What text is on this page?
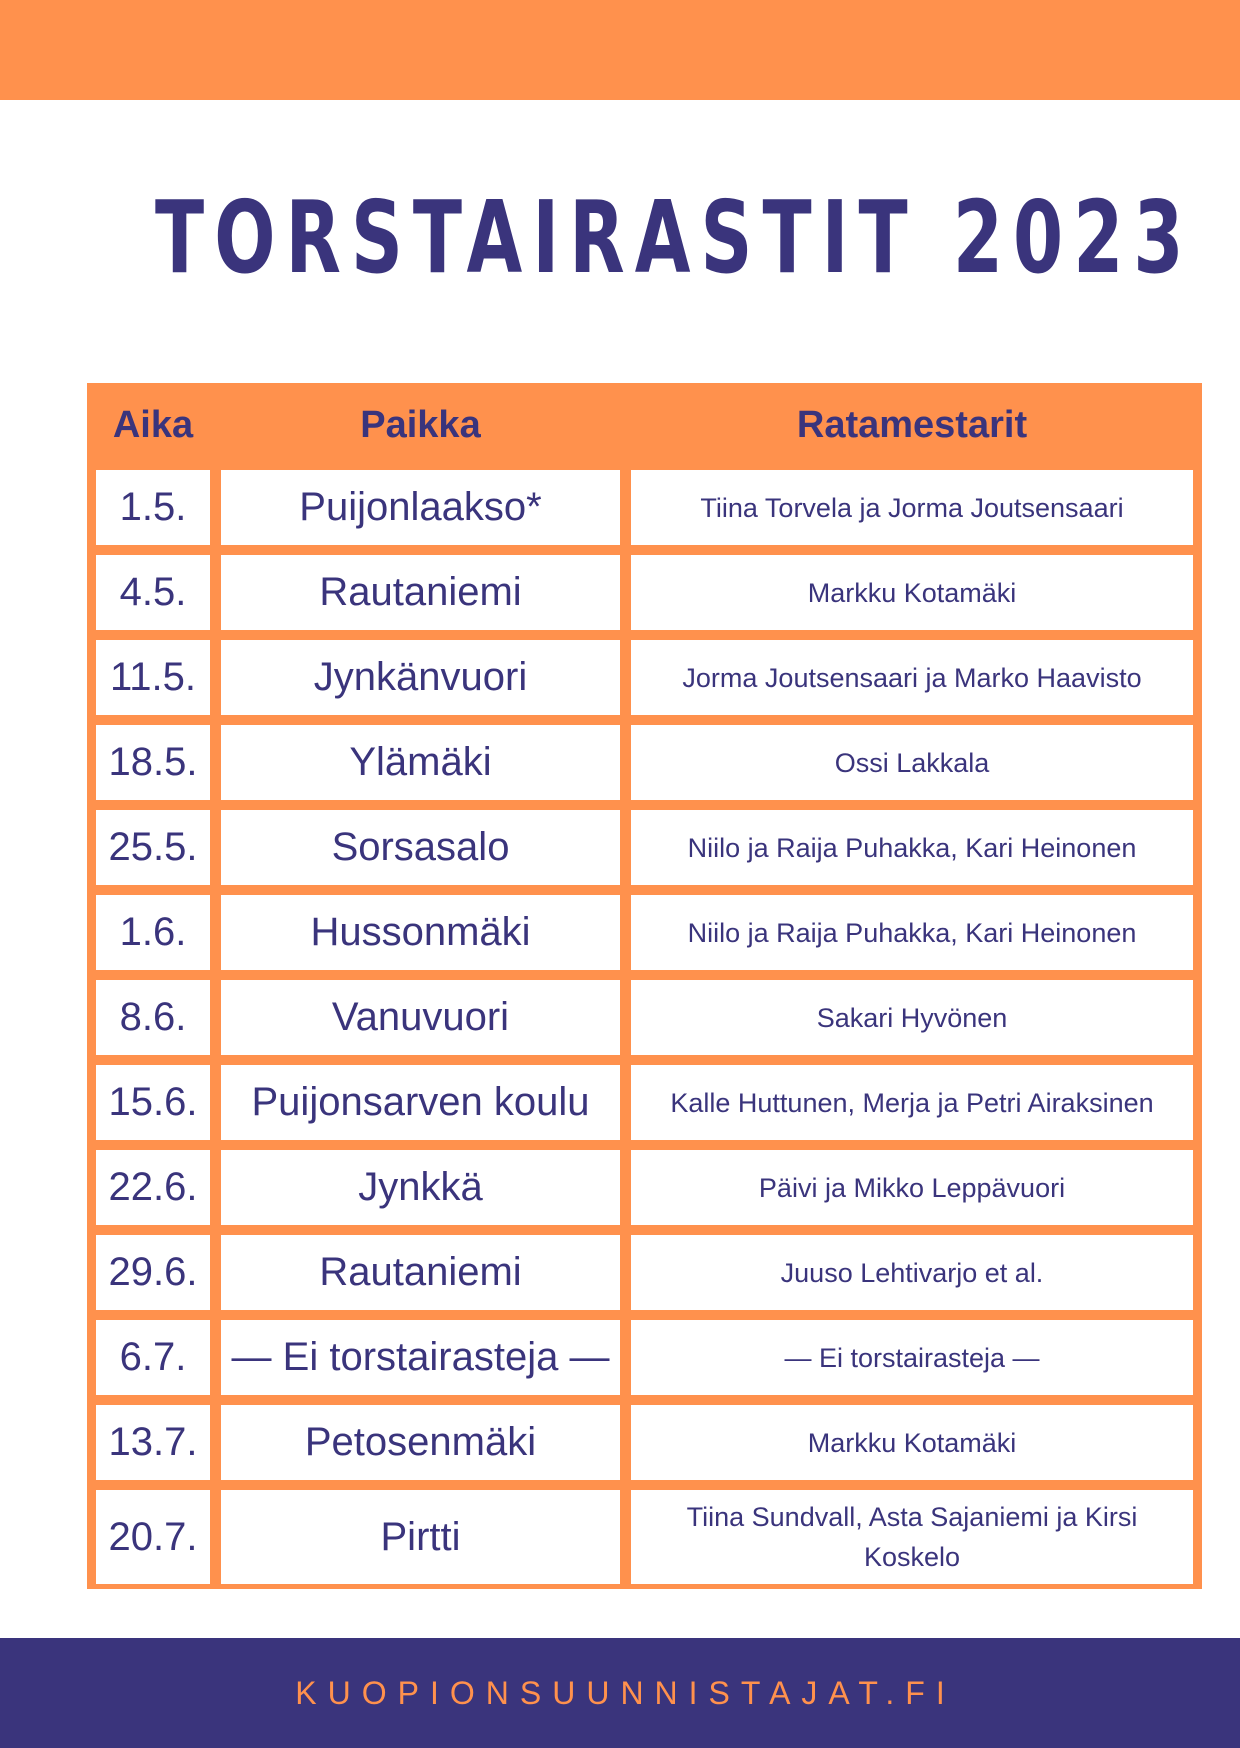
TORSTAIRASTIT 2023
Aika	Paikka	Ratamestarit
1.5.	Puijonlaakso*	Tiina Torvela ja Jorma Joutsensaari
4.5.	Rautaniemi	Markku Kotamäki
11.5.	Jynkänvuori	Jorma Joutsensaari ja Marko Haavisto
18.5.	Ylämäki	Ossi Lakkala
25.5.	Sorsasalo	Niilo ja Raija Puhakka, Kari Heinonen
1.6.	Hussonmäki	Niilo ja Raija Puhakka, Kari Heinonen
8.6.	Vanuvuori	Sakari Hyvönen
15.6.	Puijonsarven koulu	Kalle Huttunen, Merja ja Petri Airaksinen
22.6.	Jynkkä	Päivi ja Mikko Leppävuori
29.6.	Rautaniemi	Juuso Lehtivarjo et al.
6.7.	— Ei torstairasteja —	— Ei torstairasteja —
13.7.	Petosenmäki	Markku Kotamäki
20.7.	Pirtti	Tiina Sundvall, Asta Sajaniemi ja Kirsi Koskelo
KUOPIONSUUNNISTAJAT.FI
